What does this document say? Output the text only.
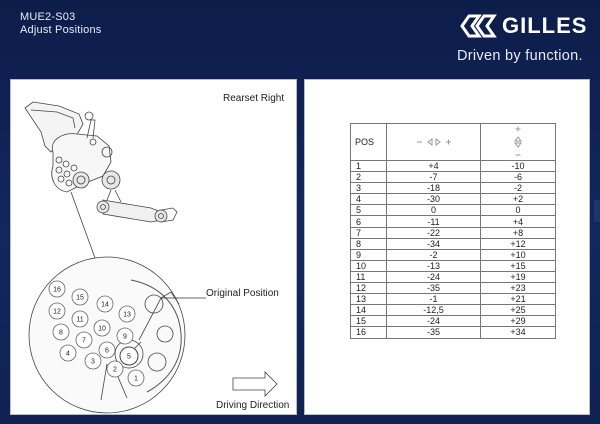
MUE2-S03
Adjust Positions	GILLES
Driven by function.
16
15
14
12
11
13
8
10
7
9
4	6
3
5
2
1
Rearset Right
Original Position
Driving Direction
POS		
1	+4	-10
2	-7	-6
3	-18	-2
4	-30	+2
5	0	0
6	-11	+4
7	-22	+8
8	-34	+12
9	-2	+10
10	-13	+15
11	-24	+19
12	-35	+23
13	-1	+21
14	-12,5	+25
15	-24	+29
16	-35	+34
